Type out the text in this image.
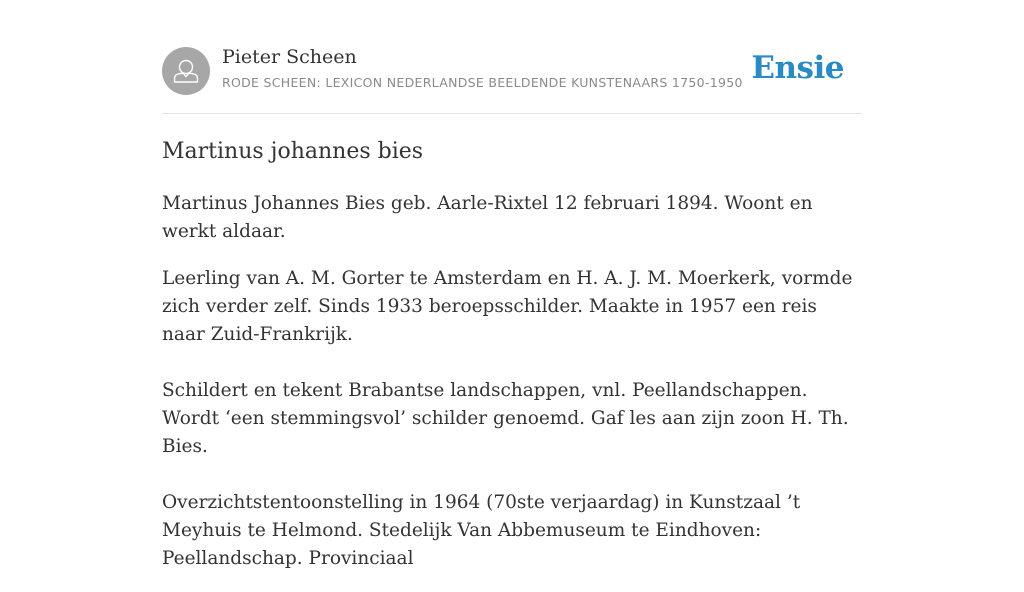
Pieter Scheen
RODE SCHEEN: LEXICON NEDERLANDSE BEELDENDE KUNSTENAARS 1750-1950 Ensie
Martinus johannes bies

Martinus Johannes Bies geb. Aarle-Rixtel 12 februari 1894. Woont en werkt aldaar.

Leerling van A. M. Gorter te Amsterdam en H. A. J. M. Moerkerk, vormde zich verder zelf. Sinds 1933 beroepsschilder. Maakte in 1957 een reis naar Zuid-Frankrijk.

Schildert en tekent Brabantse landschappen, vnl. Peellandschappen. Wordt ‘een stemmingsvol’ schilder genoemd. Gaf les aan zijn zoon H. Th. Bies.

Overzichtstentoonstelling in 1964 (70ste verjaardag) in Kunstzaal ’t Meyhuis te Helmond. Stedelijk Van Abbemuseum te Eindhoven: Peellandschap. Provinciaal
